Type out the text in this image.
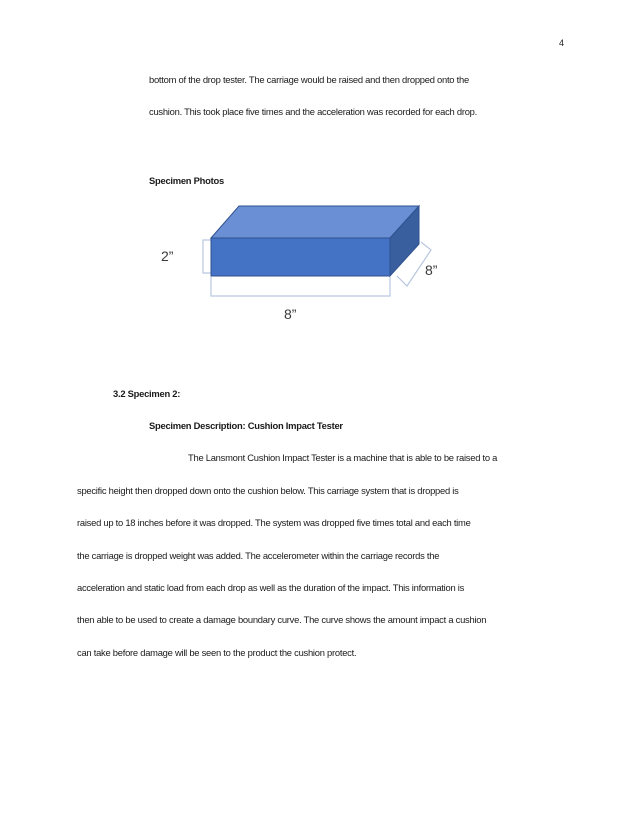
4
bottom of the drop tester. The carriage would be raised and then dropped onto the
cushion. This took place five times and the acceleration was recorded for each drop.
Specimen Photos
2”
8”
8”
3.2 Specimen 2:
Specimen Description: Cushion Impact Tester
The Lansmont Cushion Impact Tester is a machine that is able to be raised to a
specific height then dropped down onto the cushion below. This carriage system that is dropped is
raised up to 18 inches before it was dropped. The system was dropped five times total and each time
the carriage is dropped weight was added. The accelerometer within the carriage records the
acceleration and static load from each drop as well as the duration of the impact. This information is
then able to be used to create a damage boundary curve. The curve shows the amount impact a cushion
can take before damage will be seen to the product the cushion protect.
